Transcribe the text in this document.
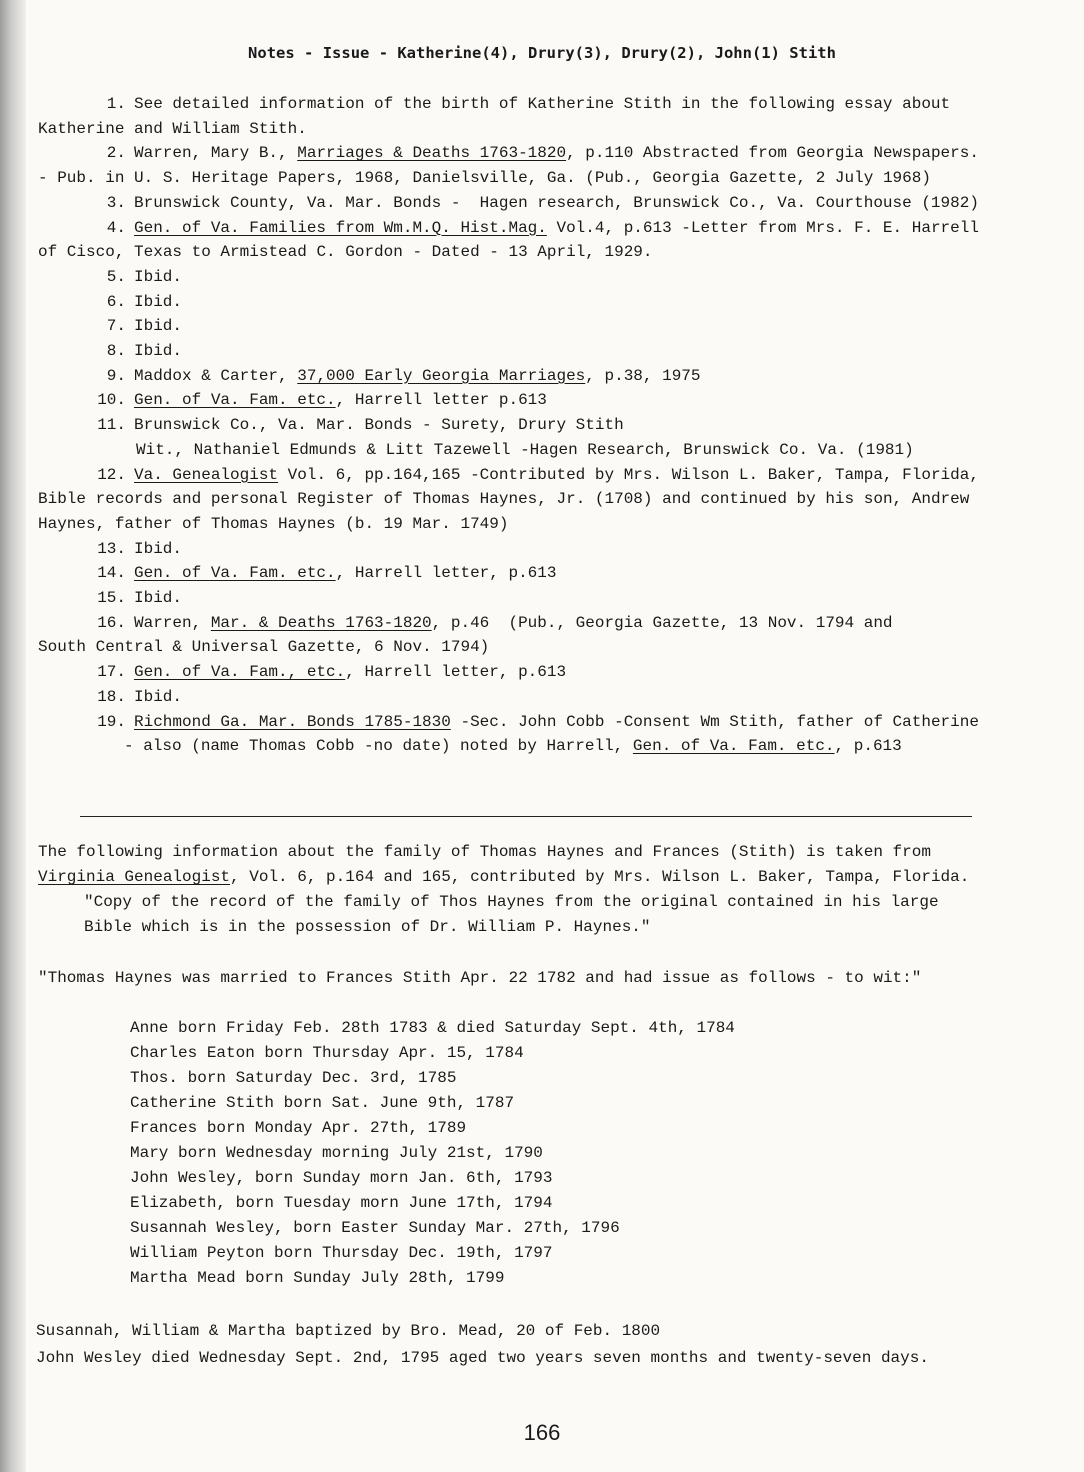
Notes - Issue - Katherine(4), Drury(3), Drury(2), John(1) Stith
1. See detailed information of the birth of Katherine Stith in the following essay about
Katherine and William Stith.
2. Warren, Mary B., Marriages & Deaths 1763-1820, p.110 Abstracted from Georgia Newspapers.
- Pub. in U. S. Heritage Papers, 1968, Danielsville, Ga. (Pub., Georgia Gazette, 2 July 1968)
3. Brunswick County, Va. Mar. Bonds -  Hagen research, Brunswick Co., Va. Courthouse (1982)
4. Gen. of Va. Families from Wm.M.Q. Hist.Mag. Vol.4, p.613 -Letter from Mrs. F. E. Harrell
of Cisco, Texas to Armistead C. Gordon - Dated - 13 April, 1929.
5. Ibid.
6. Ibid.
7. Ibid.
8. Ibid.
9. Maddox & Carter, 37,000 Early Georgia Marriages, p.38, 1975
10. Gen. of Va. Fam. etc., Harrell letter p.613
11. Brunswick Co., Va. Mar. Bonds - Surety, Drury Stith
Wit., Nathaniel Edmunds & Litt Tazewell -Hagen Research, Brunswick Co. Va. (1981)
12. Va. Genealogist Vol. 6, pp.164,165 -Contributed by Mrs. Wilson L. Baker, Tampa, Florida,
Bible records and personal Register of Thomas Haynes, Jr. (1708) and continued by his son, Andrew
Haynes, father of Thomas Haynes (b. 19 Mar. 1749)
13. Ibid.
14. Gen. of Va. Fam. etc., Harrell letter, p.613
15. Ibid.
16. Warren, Mar. & Deaths 1763-1820, p.46  (Pub., Georgia Gazette, 13 Nov. 1794 and
South Central & Universal Gazette, 6 Nov. 1794)
17. Gen. of Va. Fam., etc., Harrell letter, p.613
18. Ibid.
19. Richmond Ga. Mar. Bonds 1785-1830 -Sec. John Cobb -Consent Wm Stith, father of Catherine
- also (name Thomas Cobb -no date) noted by Harrell, Gen. of Va. Fam. etc., p.613
The following information about the family of Thomas Haynes and Frances (Stith) is taken from
Virginia Genealogist, Vol. 6, p.164 and 165, contributed by Mrs. Wilson L. Baker, Tampa, Florida.
"Copy of the record of the family of Thos Haynes from the original contained in his large
Bible which is in the possession of Dr. William P. Haynes."
"Thomas Haynes was married to Frances Stith Apr. 22 1782 and had issue as follows - to wit:"
Anne born Friday Feb. 28th 1783 & died Saturday Sept. 4th, 1784
Charles Eaton born Thursday Apr. 15, 1784
Thos. born Saturday Dec. 3rd, 1785
Catherine Stith born Sat. June 9th, 1787
Frances born Monday Apr. 27th, 1789
Mary born Wednesday morning July 21st, 1790
John Wesley, born Sunday morn Jan. 6th, 1793
Elizabeth, born Tuesday morn June 17th, 1794
Susannah Wesley, born Easter Sunday Mar. 27th, 1796
William Peyton born Thursday Dec. 19th, 1797
Martha Mead born Sunday July 28th, 1799
Susannah, William & Martha baptized by Bro. Mead, 20 of Feb. 1800
John Wesley died Wednesday Sept. 2nd, 1795 aged two years seven months and twenty-seven days.
166
